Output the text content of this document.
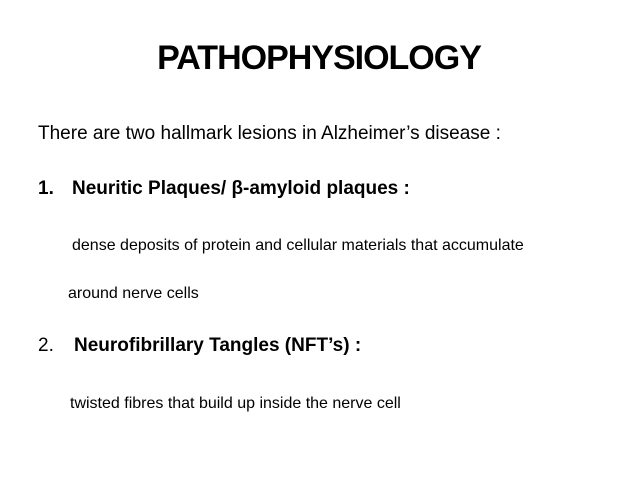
PATHOPHYSIOLOGY

There are two hallmark lesions in Alzheimer’s disease :

1. Neuritic Plaques/ β-amyloid plaques :

dense deposits of protein and cellular materials that accumulate

around nerve cells

2. Neurofibrillary Tangles (NFT’s) :

twisted fibres that build up inside the nerve cell
